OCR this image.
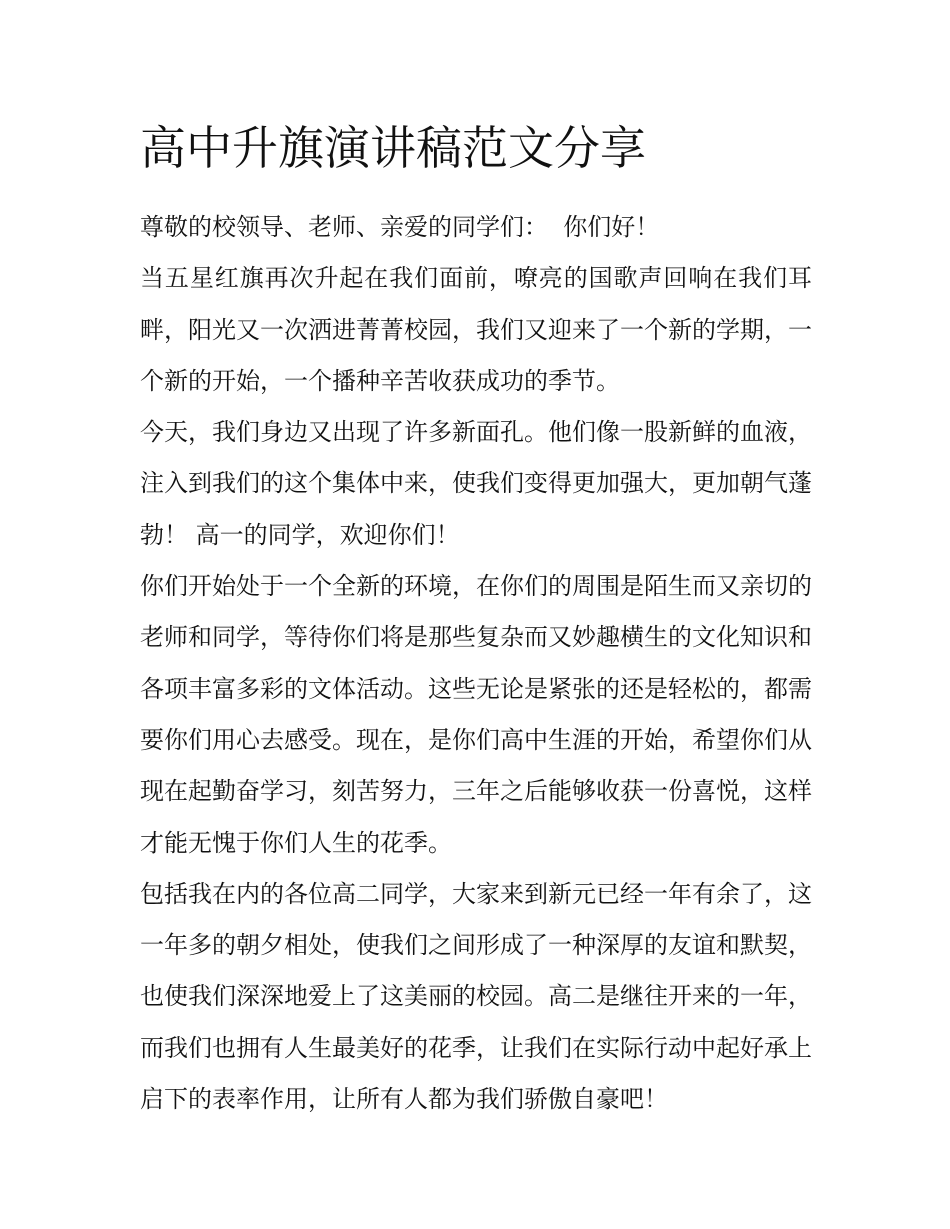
高中升旗演讲稿范文分享

尊敬的校领导、老师、亲爱的同学们：  你们好！

当五星红旗再次升起在我们面前，嘹亮的国歌声回响在我们耳畔，阳光又一次洒进菁菁校园，我们又迎来了一个新的学期，一个新的开始，一个播种辛苦收获成功的季节。

今天，我们身边又出现了许多新面孔。他们像一股新鲜的血液，注入到我们的这个集体中来，使我们变得更加强大，更加朝气蓬勃！ 高一的同学，欢迎你们！

你们开始处于一个全新的环境，在你们的周围是陌生而又亲切的老师和同学，等待你们将是那些复杂而又妙趣横生的文化知识和各项丰富多彩的文体活动。这些无论是紧张的还是轻松的，都需要你们用心去感受。现在，是你们高中生涯的开始，希望你们从现在起勤奋学习，刻苦努力，三年之后能够收获一份喜悦，这样才能无愧于你们人生的花季。

包括我在内的各位高二同学，大家来到新元已经一年有余了，这一年多的朝夕相处，使我们之间形成了一种深厚的友谊和默契，也使我们深深地爱上了这美丽的校园。高二是继往开来的一年，而我们也拥有人生最美好的花季，让我们在实际行动中起好承上启下的表率作用，让所有人都为我们骄傲自豪吧！
